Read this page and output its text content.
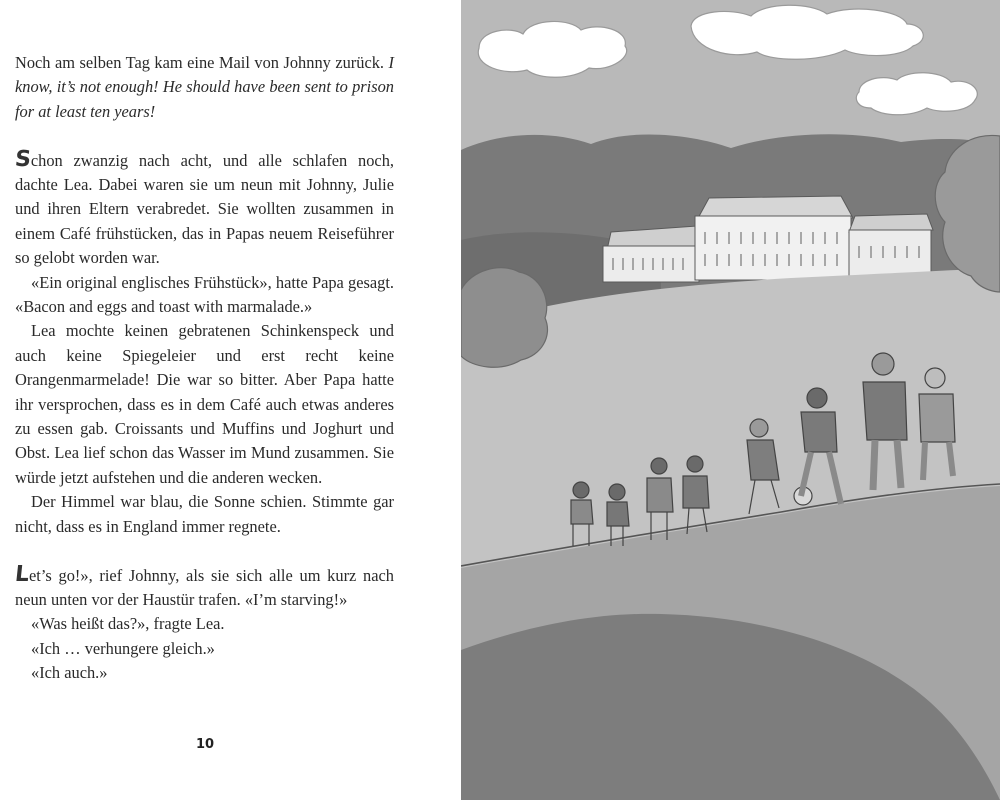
Noch am selben Tag kam eine Mail von Johnny zurück. I know, it’s not enough! He should have been sent to prison for at least ten years!

Schon zwanzig nach acht, und alle schlafen noch, dachte Lea. Dabei waren sie um neun mit Johnny, Julie und ihren Eltern verabredet. Sie wollten zusammen in einem Café frühstücken, das in Papas neuem Reiseführer so gelobt worden war.

«Ein original englisches Frühstück», hatte Papa gesagt. «Bacon and eggs and toast with marmalade.»

Lea mochte keinen gebratenen Schinkenspeck und auch keine Spiegeleier und erst recht keine Orangenmarmelade! Die war so bitter. Aber Papa hatte ihr versprochen, dass es in dem Café auch etwas anderes zu essen gab. Croissants und Muffins und Joghurt und Obst. Lea lief schon das Wasser im Mund zusammen. Sie würde jetzt aufstehen und die anderen wecken.

Der Himmel war blau, die Sonne schien. Stimmte gar nicht, dass es in England immer regnete.

Let’s go!», rief Johnny, als sie sich alle um kurz nach neun unten vor der Haustür trafen. «I’m starving!»

«Was heißt das?», fragte Lea.

«Ich … verhungere gleich.»

«Ich auch.»

10
